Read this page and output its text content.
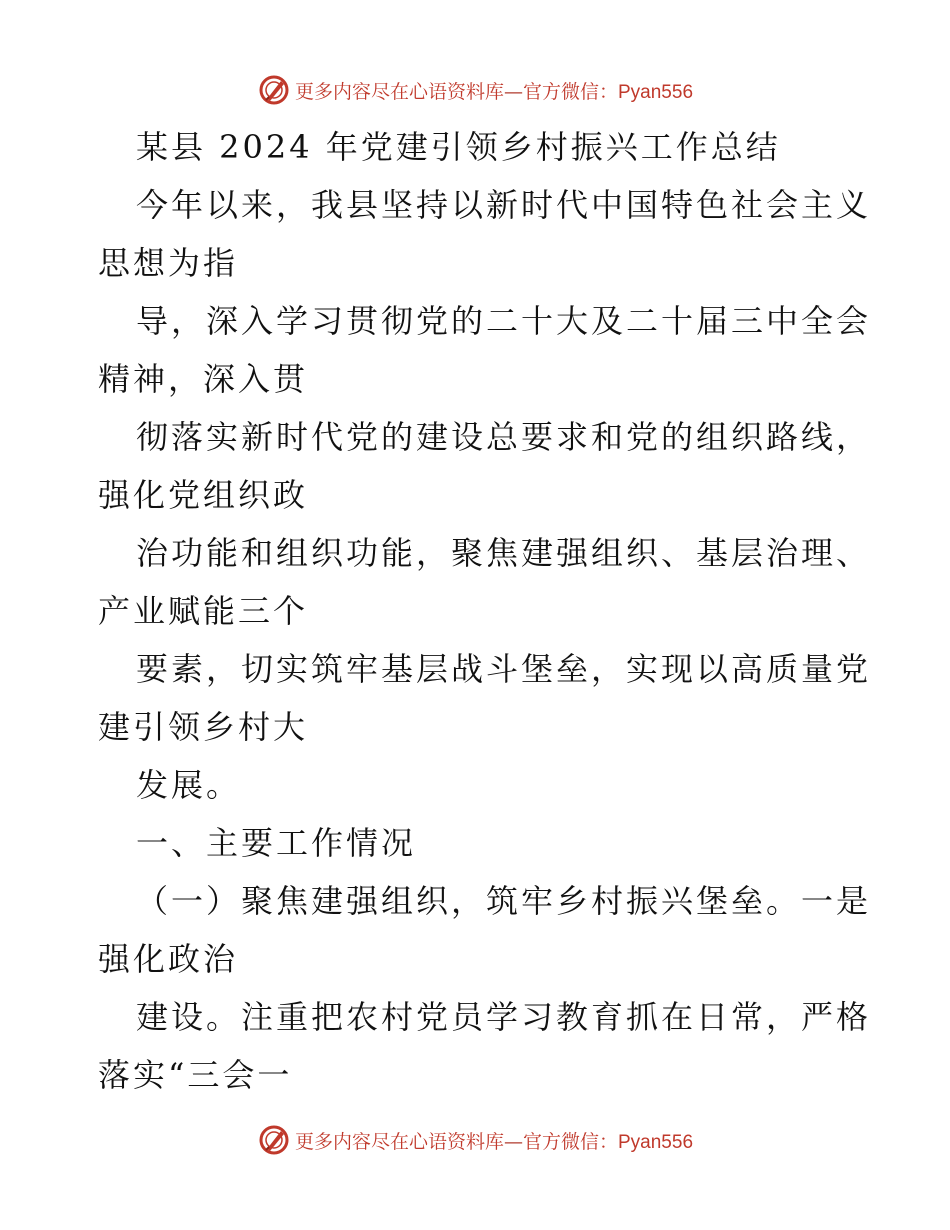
更多内容尽在心语资料库—官方微信：Pyan556
某县 2024 年党建引领乡村振兴工作总结
今年以来，我县坚持以新时代中国特色社会主义
思想为指
导，深入学习贯彻党的二十大及二十届三中全会
精神，深入贯
彻落实新时代党的建设总要求和党的组织路线，
强化党组织政
治功能和组织功能，聚焦建强组织、基层治理、
产业赋能三个
要素，切实筑牢基层战斗堡垒，实现以高质量党
建引领乡村大
发展。
一、主要工作情况
（一）聚焦建强组织，筑牢乡村振兴堡垒。一是
强化政治
建设。注重把农村党员学习教育抓在日常，严格
落实“三会一
更多内容尽在心语资料库—官方微信：Pyan556
